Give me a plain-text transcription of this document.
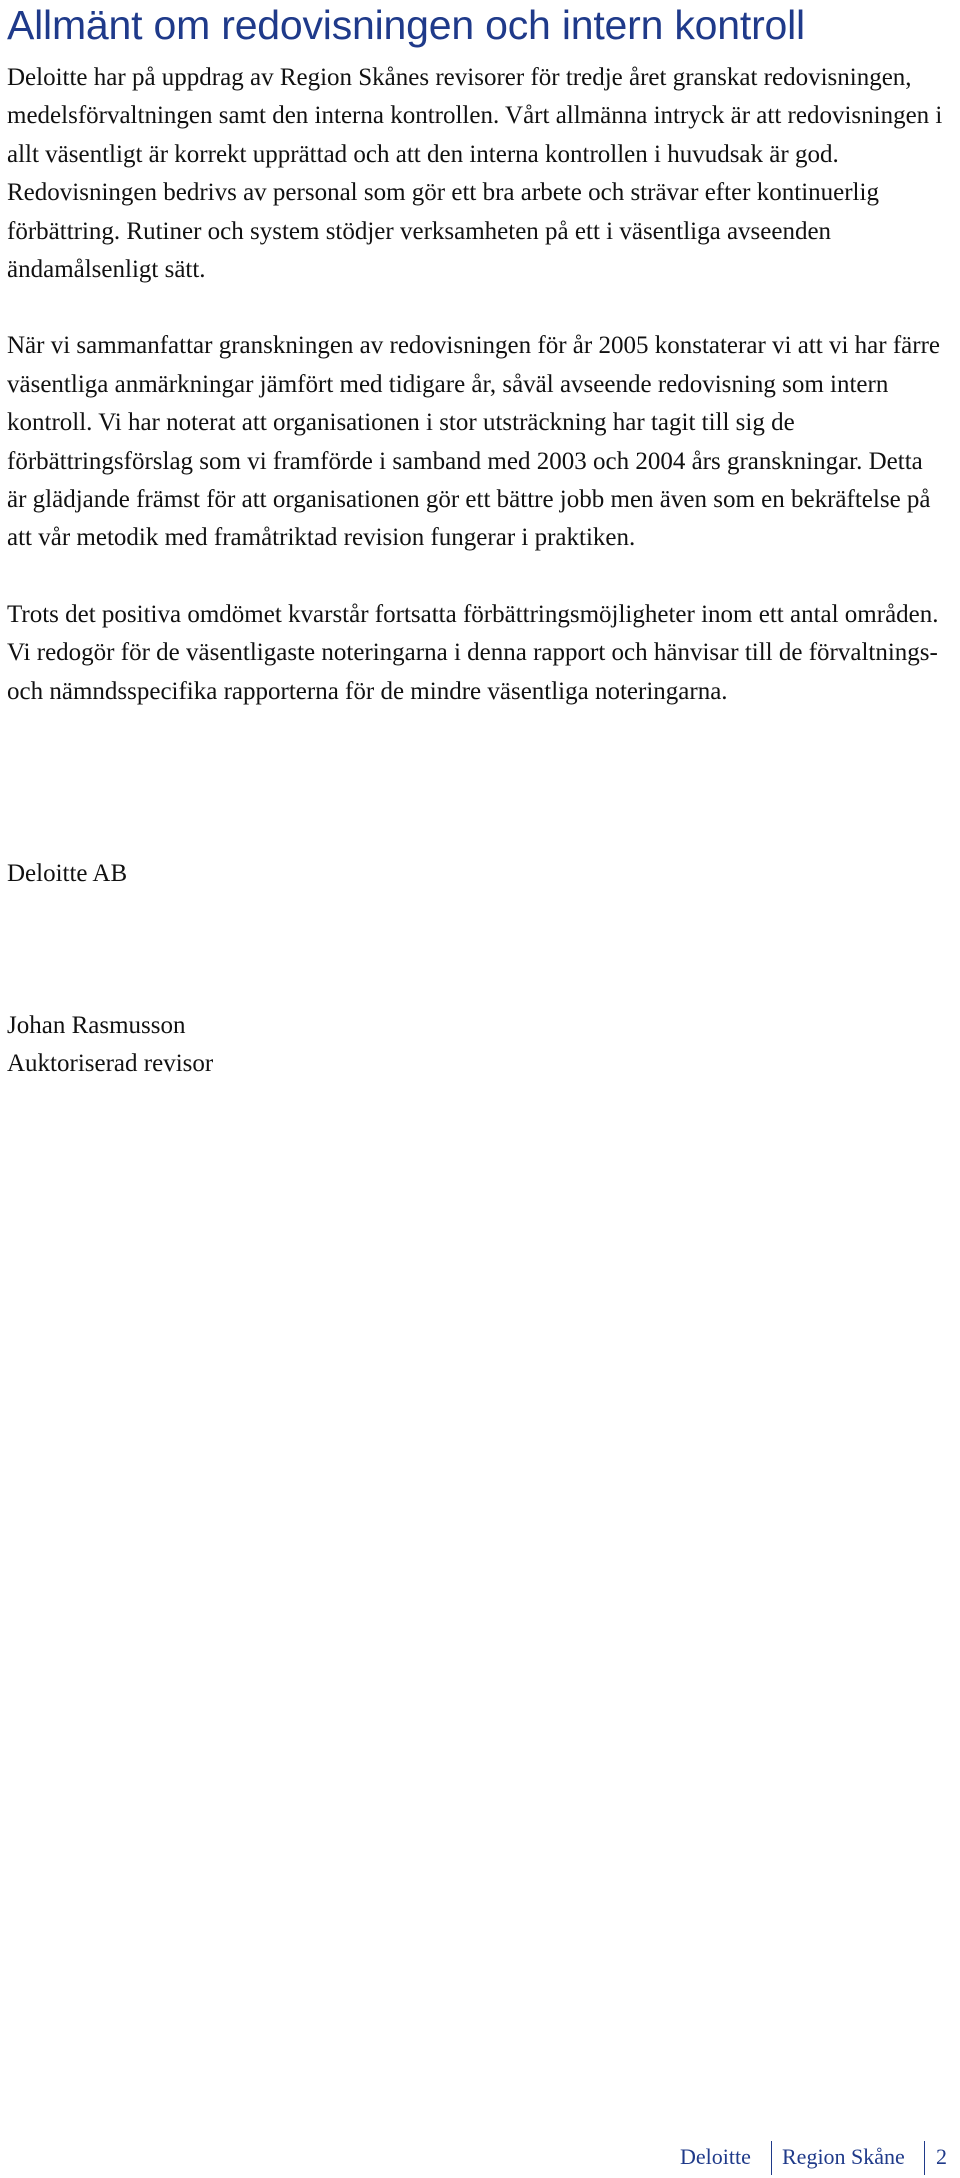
Allmänt om redovisningen och intern kontroll

Deloitte har på uppdrag av Region Skånes revisorer för tredje året granskat redovisningen, medelsförvaltningen samt den interna kontrollen. Vårt allmänna intryck är att redovisningen i allt väsentligt är korrekt upprättad och att den interna kontrollen i huvudsak är god. Redovisningen bedrivs av personal som gör ett bra arbete och strävar efter kontinuerlig förbättring. Rutiner och system stödjer verksamheten på ett i väsentliga avseenden ändamålsenligt sätt.

När vi sammanfattar granskningen av redovisningen för år 2005 konstaterar vi att vi har färre väsentliga anmärkningar jämfört med tidigare år, såväl avseende redovisning som intern kontroll. Vi har noterat att organisationen i stor utsträckning har tagit till sig de förbättringsförslag som vi framförde i samband med 2003 och 2004 års granskningar. Detta är glädjande främst för att organisationen gör ett bättre jobb men även som en bekräftelse på att vår metodik med framåtriktad revision fungerar i praktiken.

Trots det positiva omdömet kvarstår fortsatta förbättringsmöjligheter inom ett antal områden. Vi redogör för de väsentligaste noteringarna i denna rapport och hänvisar till de förvaltnings- och nämndsspecifika rapporterna för de mindre väsentliga noteringarna.

Deloitte AB

Johan Rasmusson
Auktoriserad revisor
Deloitte Region Skåne 2
